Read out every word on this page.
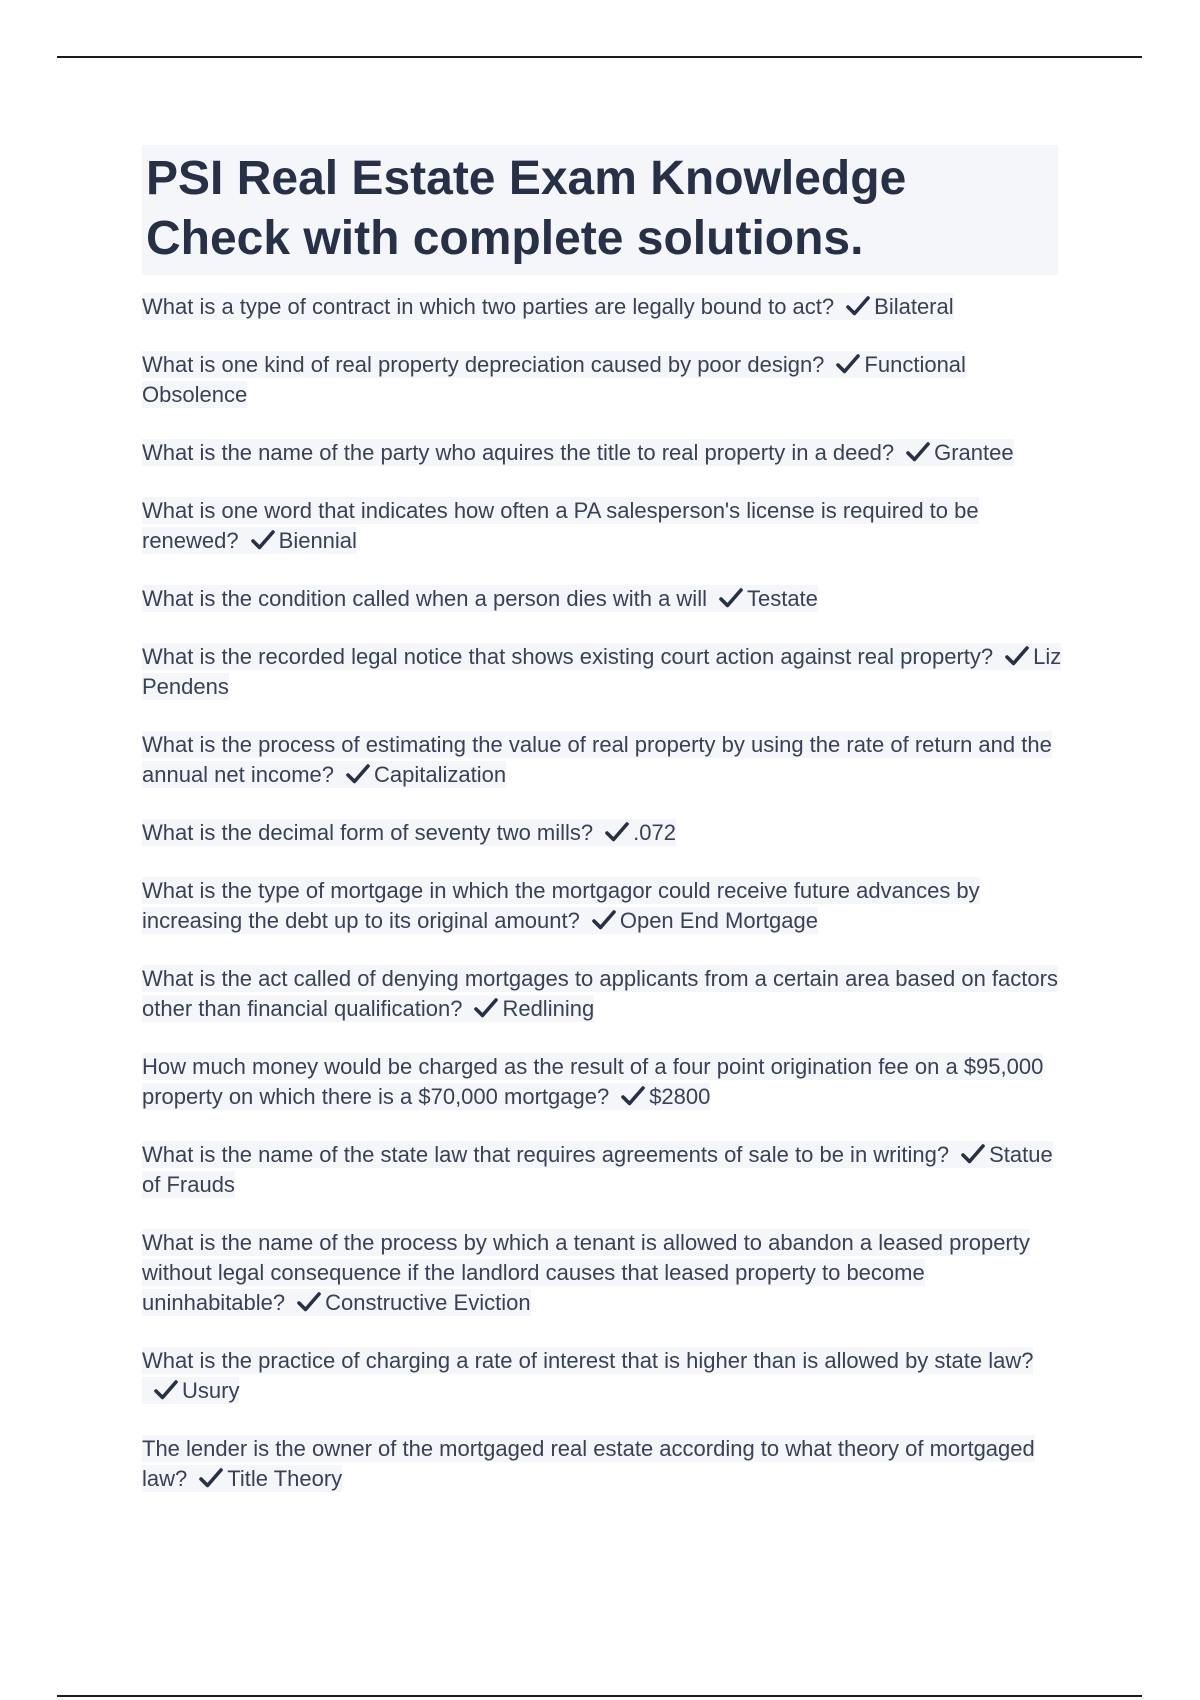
PSI Real Estate Exam Knowledge Check with complete solutions.
What is a type of contract in which two parties are legally bound to act? Bilateral
What is one kind of real property depreciation caused by poor design? Functional Obsolence
What is the name of the party who aquires the title to real property in a deed? Grantee
What is one word that indicates how often a PA salesperson's license is required to be renewed? Biennial
What is the condition called when a person dies with a will Testate
What is the recorded legal notice that shows existing court action against real property? Liz Pendens
What is the process of estimating the value of real property by using the rate of return and the annual net income? Capitalization
What is the decimal form of seventy two mills? .072
What is the type of mortgage in which the mortgagor could receive future advances by increasing the debt up to its original amount? Open End Mortgage
What is the act called of denying mortgages to applicants from a certain area based on factors other than financial qualification? Redlining
How much money would be charged as the result of a four point origination fee on a $95,000 property on which there is a $70,000 mortgage? $2800
What is the name of the state law that requires agreements of sale to be in writing? Statue of Frauds
What is the name of the process by which a tenant is allowed to abandon a leased property without legal consequence if the landlord causes that leased property to become uninhabitable? Constructive Eviction
What is the practice of charging a rate of interest that is higher than is allowed by state law?
Usury
The lender is the owner of the mortgaged real estate according to what theory of mortgaged law? Title Theory
